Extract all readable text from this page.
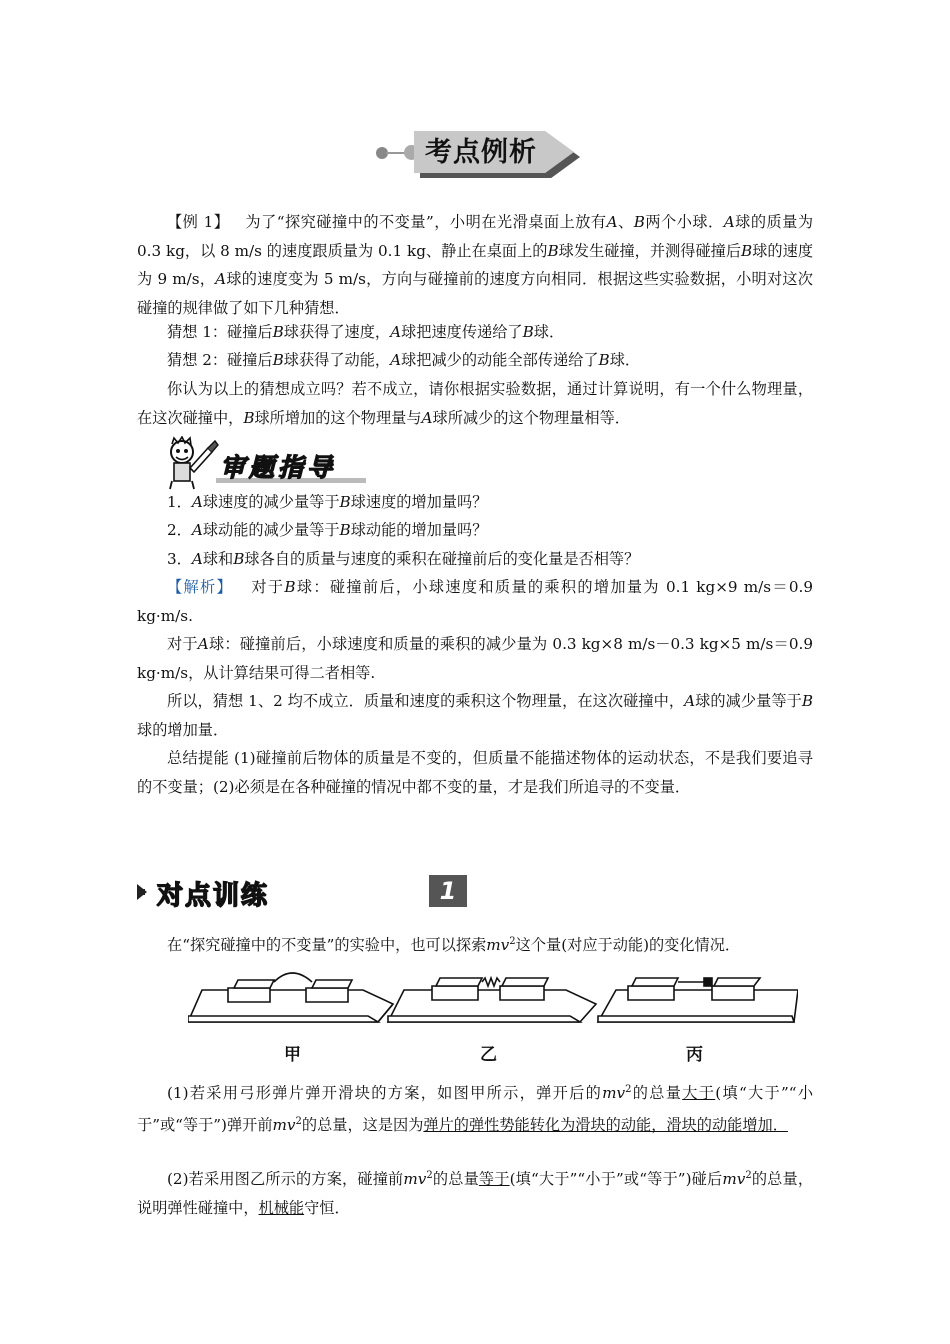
考点例析

【例 1】 为了“探究碰撞中的不变量”，小明在光滑桌面上放有A、B两个小球．A球的质量为 0.3 kg，以 8 m/s 的速度跟质量为 0.1 kg、静止在桌面上的B球发生碰撞，并测得碰撞后B球的速度为 9 m/s，A球的速度变为 5 m/s，方向与碰撞前的速度方向相同．根据这些实验数据，小明对这次碰撞的规律做了如下几种猜想．

猜想 1：碰撞后B球获得了速度，A球把速度传递给了B球．

猜想 2：碰撞后B球获得了动能，A球把减少的动能全部传递给了B球．

你认为以上的猜想成立吗？若不成立，请你根据实验数据，通过计算说明，有一个什么物理量，在这次碰撞中，B球所增加的这个物理量与A球所减少的这个物理量相等．

审题指导

1．A球速度的减少量等于B球速度的增加量吗？

2．A球动能的减少量等于B球动能的增加量吗？

3．A球和B球各自的质量与速度的乘积在碰撞前后的变化量是否相等？

【解析】 对于B球：碰撞前后，小球速度和质量的乘积的增加量为 0.1 kg×9 m/s＝0.9 kg·m/s.

对于A球：碰撞前后，小球速度和质量的乘积的减少量为 0.3 kg×8 m/s－0.3 kg×5 m/s＝0.9 kg·m/s，从计算结果可得二者相等.

所以，猜想 1、2 均不成立．质量和速度的乘积这个物理量，在这次碰撞中，A球的减少量等于B球的增加量．

总结提能 (1)碰撞前后物体的质量是不变的，但质量不能描述物体的运动状态，不是我们要追寻的不变量；(2)必须是在各种碰撞的情况中都不变的量，才是我们所追寻的不变量．

对点训练	1

在“探究碰撞中的不变量”的实验中，也可以探索$mv^2$这个量(对应于动能)的变化情况．

甲	乙	丙

(1)若采用弓形弹片弹开滑块的方案，如图甲所示，弹开后的$mv^2$的总量大于(填“大于”“小于”或“等于”)弹开前$mv^2$的总量，这是因为弹片的弹性势能转化为滑块的动能，滑块的动能增加．

(2)若采用图乙所示的方案，碰撞前$mv^2$的总量等于(填“大于”“小于”或“等于”)碰后$mv^2$的总量，说明弹性碰撞中，机械能守恒．
